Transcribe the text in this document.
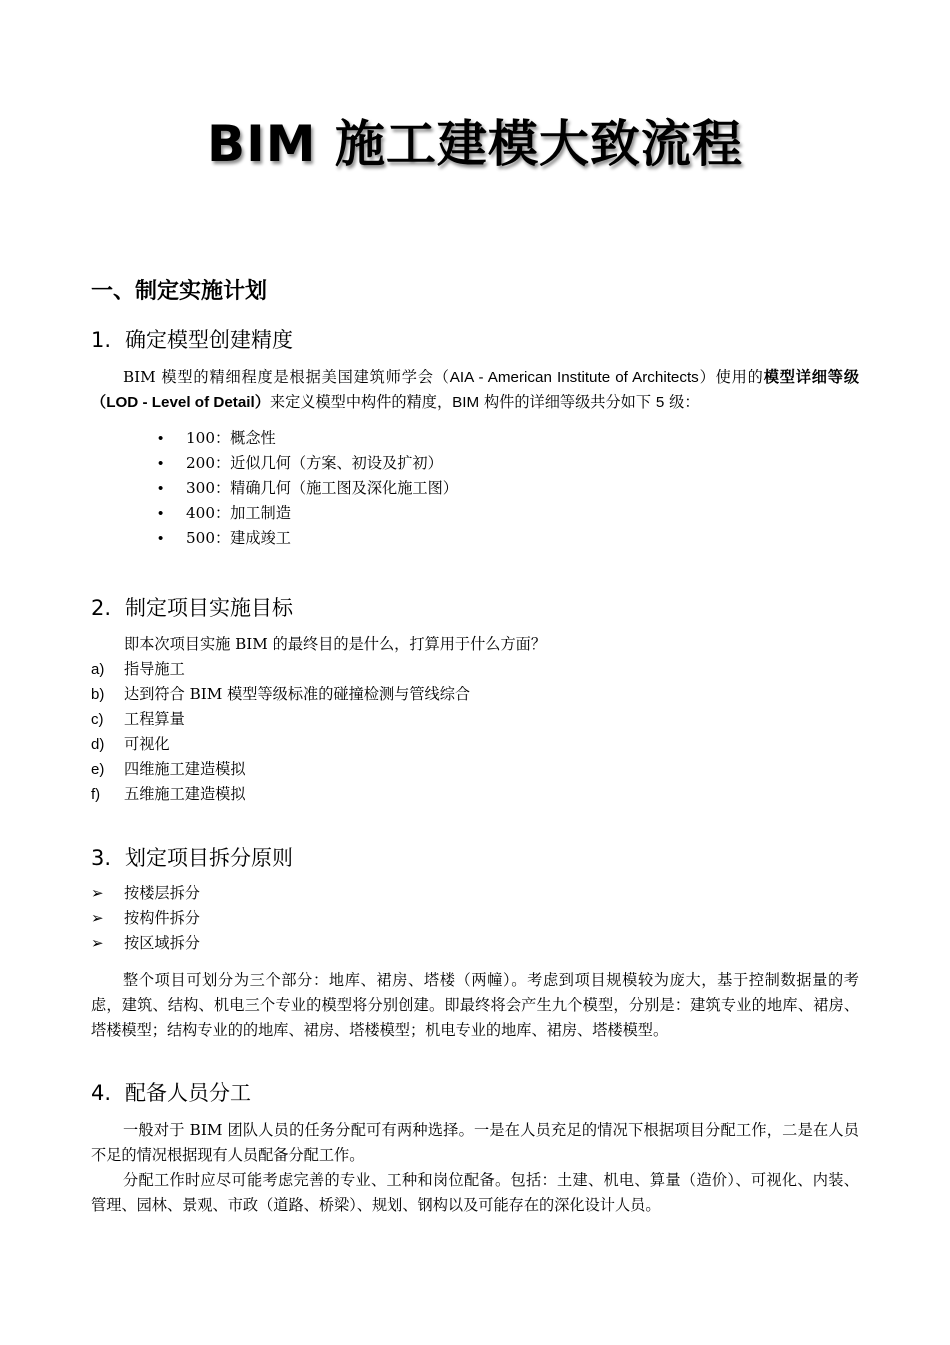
BIM 施工建模大致流程
一、制定实施计划
1. 确定模型创建精度
BIM 模型的精细程度是根据美国建筑师学会（AIA - American Institute of Architects）使用的模型详细等级（LOD - Level of Detail）来定义模型中构件的精度，BIM 构件的详细等级共分如下 5 级：
• 100：概念性
• 200：近似几何（方案、初设及扩初）
• 300：精确几何（施工图及深化施工图）
• 400：加工制造
• 500：建成竣工
2. 制定项目实施目标
即本次项目实施 BIM 的最终目的是什么，打算用于什么方面？
a) 指导施工
b) 达到符合 BIM 模型等级标准的碰撞检测与管线综合
c) 工程算量
d) 可视化
e) 四维施工建造模拟
f) 五维施工建造模拟
3. 划定项目拆分原则
➢ 按楼层拆分
➢ 按构件拆分
➢ 按区域拆分
整个项目可划分为三个部分：地库、裙房、塔楼（两幢）。考虑到项目规模较为庞大，基于控制数据量的考虑，建筑、结构、机电三个专业的模型将分别创建。即最终将会产生九个模型，分别是：建筑专业的地库、裙房、塔楼模型；结构专业的的地库、裙房、塔楼模型；机电专业的地库、裙房、塔楼模型。
4. 配备人员分工
一般对于 BIM 团队人员的任务分配可有两种选择。一是在人员充足的情况下根据项目分配工作，二是在人员不足的情况根据现有人员配备分配工作。
分配工作时应尽可能考虑完善的专业、工种和岗位配备。包括：土建、机电、算量（造价）、可视化、内装、管理、园林、景观、市政（道路、桥梁）、规划、钢构以及可能存在的深化设计人员。
